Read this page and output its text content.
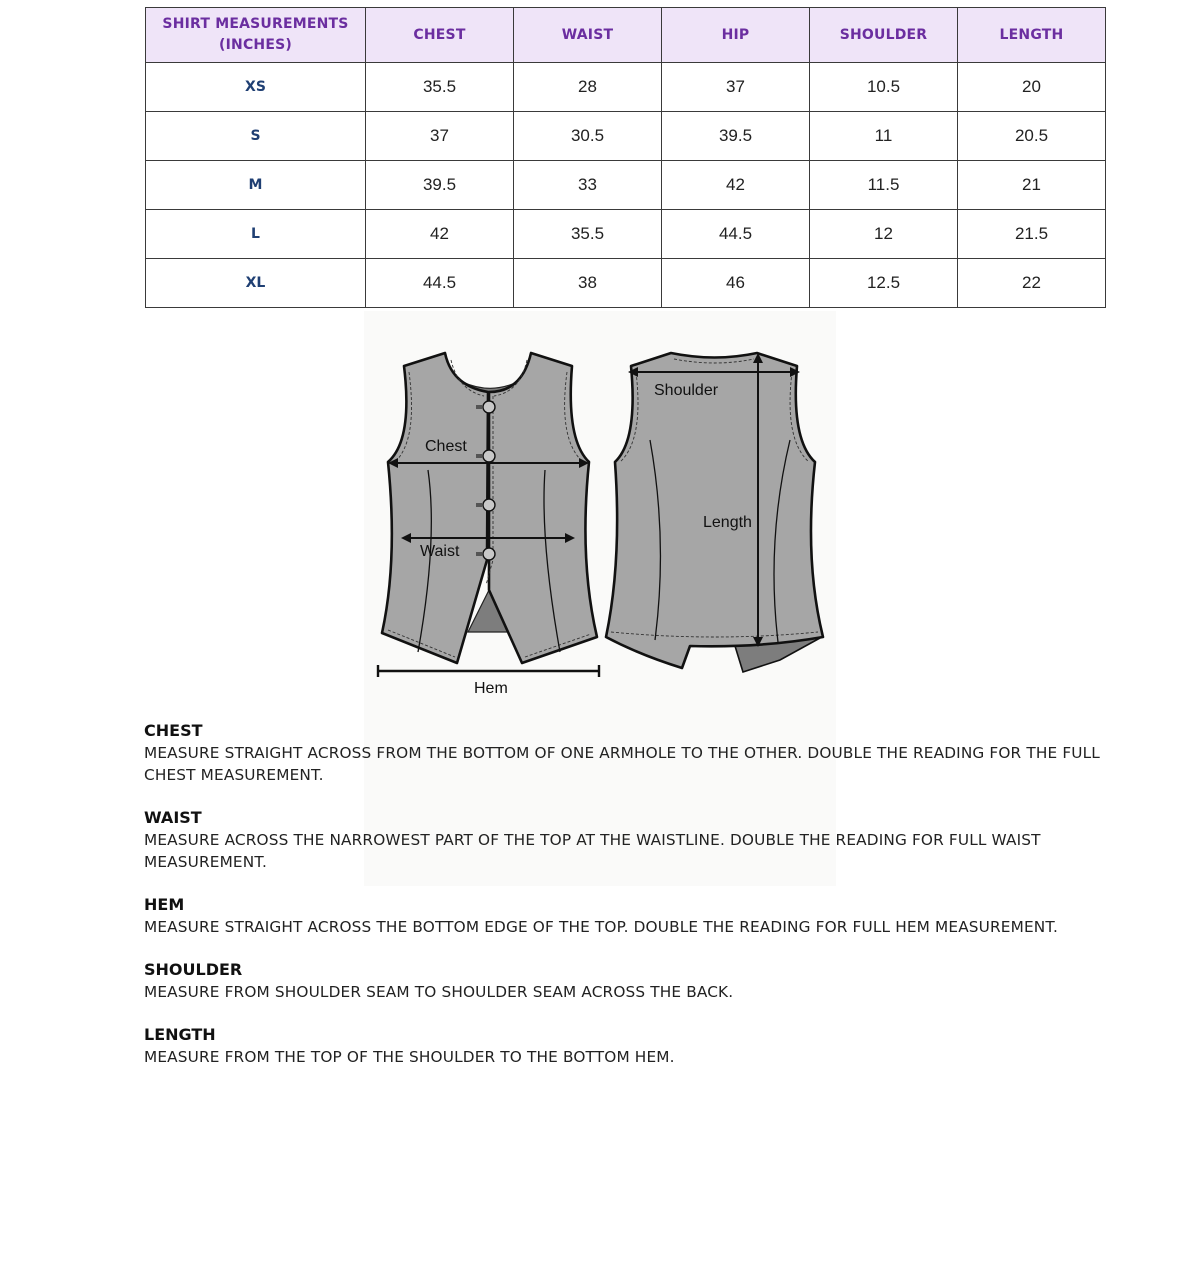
SHIRT MEASUREMENTS
(INCHES)	CHEST	WAIST	HIP	SHOULDER	LENGTH
XS	35.5	28	37	10.5	20
S	37	30.5	39.5	11	20.5
M	39.5	33	42	11.5	21
L	42	35.5	44.5	12	21.5
XL	44.5	38	46	12.5	22
Chest
Waist
Hem
Shoulder
Length
CHEST
MEASURE STRAIGHT ACROSS FROM THE BOTTOM OF ONE ARMHOLE TO THE OTHER. DOUBLE THE READING FOR THE FULL CHEST MEASUREMENT.
WAIST
MEASURE ACROSS THE NARROWEST PART OF THE TOP AT THE WAISTLINE. DOUBLE THE READING FOR FULL WAIST MEASUREMENT.
HEM
MEASURE STRAIGHT ACROSS THE BOTTOM EDGE OF THE TOP. DOUBLE THE READING FOR FULL HEM MEASUREMENT.
SHOULDER
MEASURE FROM SHOULDER SEAM TO SHOULDER SEAM ACROSS THE BACK.
LENGTH
MEASURE FROM THE TOP OF THE SHOULDER TO THE BOTTOM HEM.
